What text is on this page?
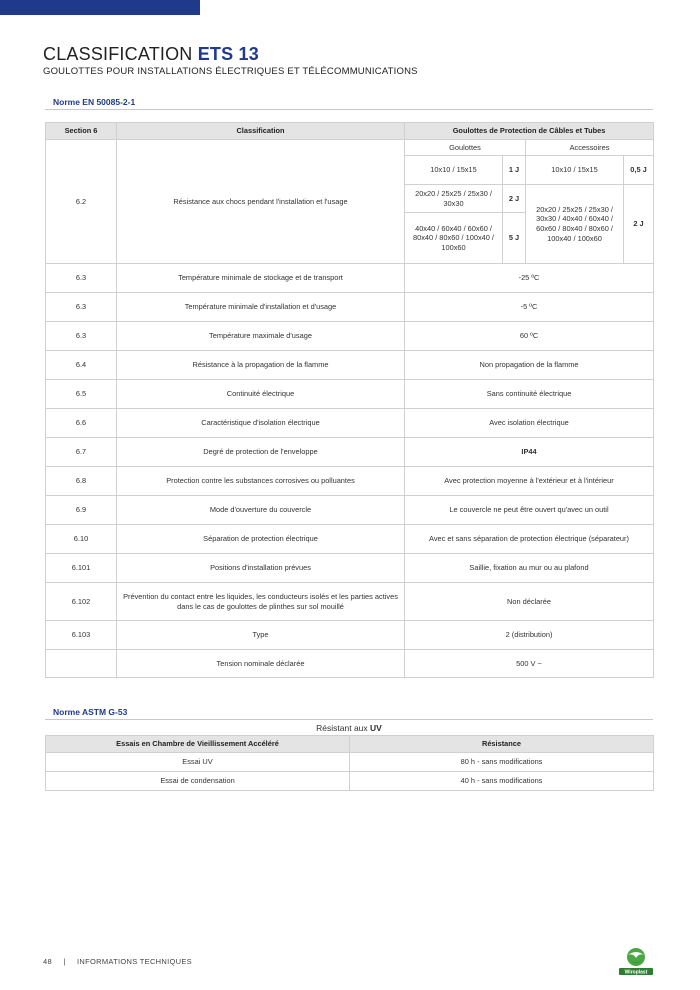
CLASSIFICATION ETS 13
GOULOTTES POUR INSTALLATIONS ÉLECTRIQUES ET TÉLÉCOMMUNICATIONS
Norme EN 50085-2-1
Section 6	Classification	Goulottes de Protection de Câbles et Tubes			
6.2	Résistance aux chocs pendant l'installation et l'usage	Goulottes		Accessoires	
		10x10 / 15x15	1 J	10x10 / 15x15	0,5 J
		20x20 / 25x25 / 25x30 / 30x30	2 J	20x20 / 25x25 / 25x30 / 30x30 / 40x40 / 60x40 / 60x60 / 80x40 / 80x60 / 100x40 / 100x60	2 J
		40x40 / 60x40 / 60x60 / 80x40 / 80x60 / 100x40 / 100x60	5 J		

6.3	Température minimale de stockage et de transport	-25 ºC			
6.3	Température minimale d'installation et d'usage	-5 ºC			
6.3	Température maximale d'usage	60 ºC			
6.4	Résistance à la propagation de la flamme	Non propagation de la flamme			
6.5	Continuité électrique	Sans continuité électrique			
6.6	Caractéristique d'isolation électrique	Avec isolation électrique			
6.7	Degré de protection de l'enveloppe	IP44			
6.8	Protection contre les substances corrosives ou polluantes	Avec protection moyenne à l'extérieur et à l'intérieur			
6.9	Mode d'ouverture du couvercle	Le couvercle ne peut être ouvert qu'avec un outil			
6.10	Séparation de protection électrique	Avec et sans séparation de protection électrique (séparateur)			
6.101	Positions d'installation prévues	Saillie, fixation au mur ou au plafond			
6.102	Prévention du contact entre les liquides, les conducteurs isolés et les parties actives dans le cas de goulottes de plinthes sur sol mouillé	Non déclarée			
6.103	Type	2 (distribution)			
	Tension nominale déclarée	500 V ~			
Norme ASTM G-53
Résistant aux UV
Essais en Chambre de Vieillissement Accéléré	Résistance
Essai UV	80 h - sans modifications
Essai de condensation	40 h - sans modifications
48 | INFORMATIONS TECHNIQUES
Wiroplast
